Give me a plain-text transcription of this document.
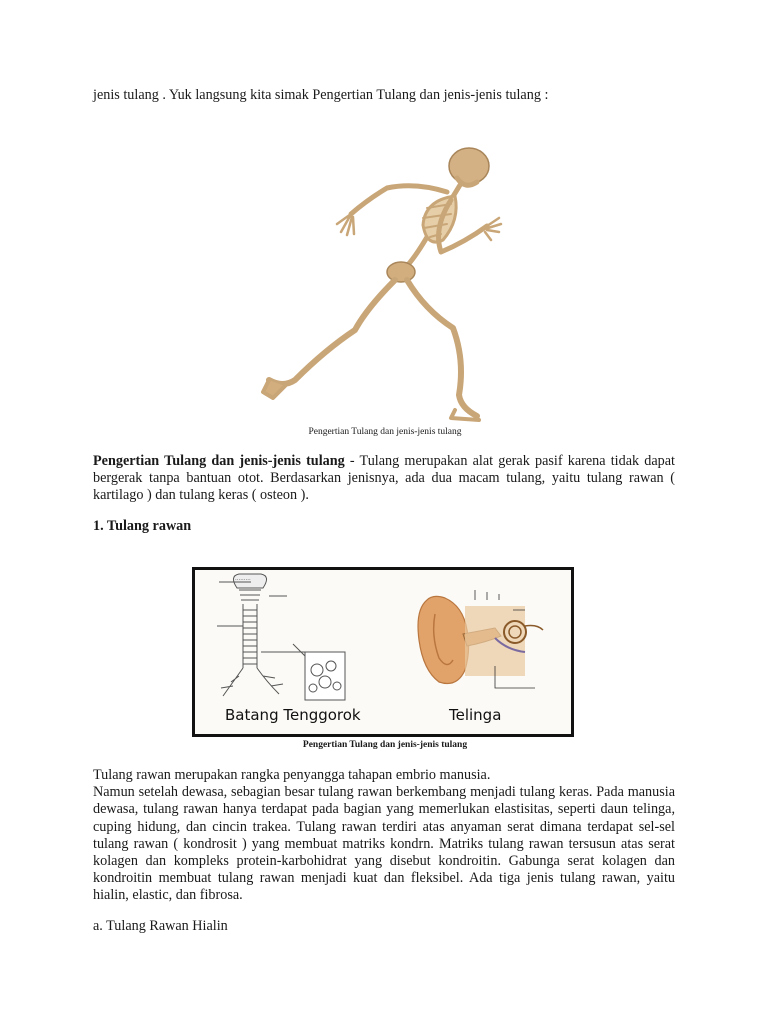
jenis tulang . Yuk langsung kita simak Pengertian Tulang dan jenis-jenis tulang :
Pengertian Tulang dan jenis-jenis tulang
Pengertian Tulang dan jenis-jenis tulang - Tulang merupakan alat gerak pasif karena tidak dapat bergerak tanpa bantuan otot. Berdasarkan jenisnya, ada dua macam tulang, yaitu tulang rawan ( kartilago ) dan tulang keras ( osteon ).
1. Tulang rawan
.........
Batang Tenggorok	Telinga
Pengertian Tulang dan jenis-jenis tulang

Tulang rawan merupakan rangka penyangga tahapan embrio manusia.

Namun setelah dewasa, sebagian besar tulang rawan berkembang menjadi tulang keras. Pada manusia dewasa, tulang rawan hanya terdapat pada bagian yang memerlukan elastisitas, seperti daun telinga, cuping hidung, dan cincin trakea. Tulang rawan terdiri atas anyaman serat dimana terdapat sel-sel tulang rawan ( kondrosit ) yang membuat matriks kondrn. Matriks tulang rawan tersusun atas serat kolagen dan kompleks protein-karbohidrat yang disebut kondroitin. Gabunga serat kolagen dan kondroitin membuat tulang rawan menjadi kuat dan fleksibel. Ada tiga jenis tulang rawan, yaitu hialin, elastic, dan fibrosa.

a. Tulang Rawan Hialin
